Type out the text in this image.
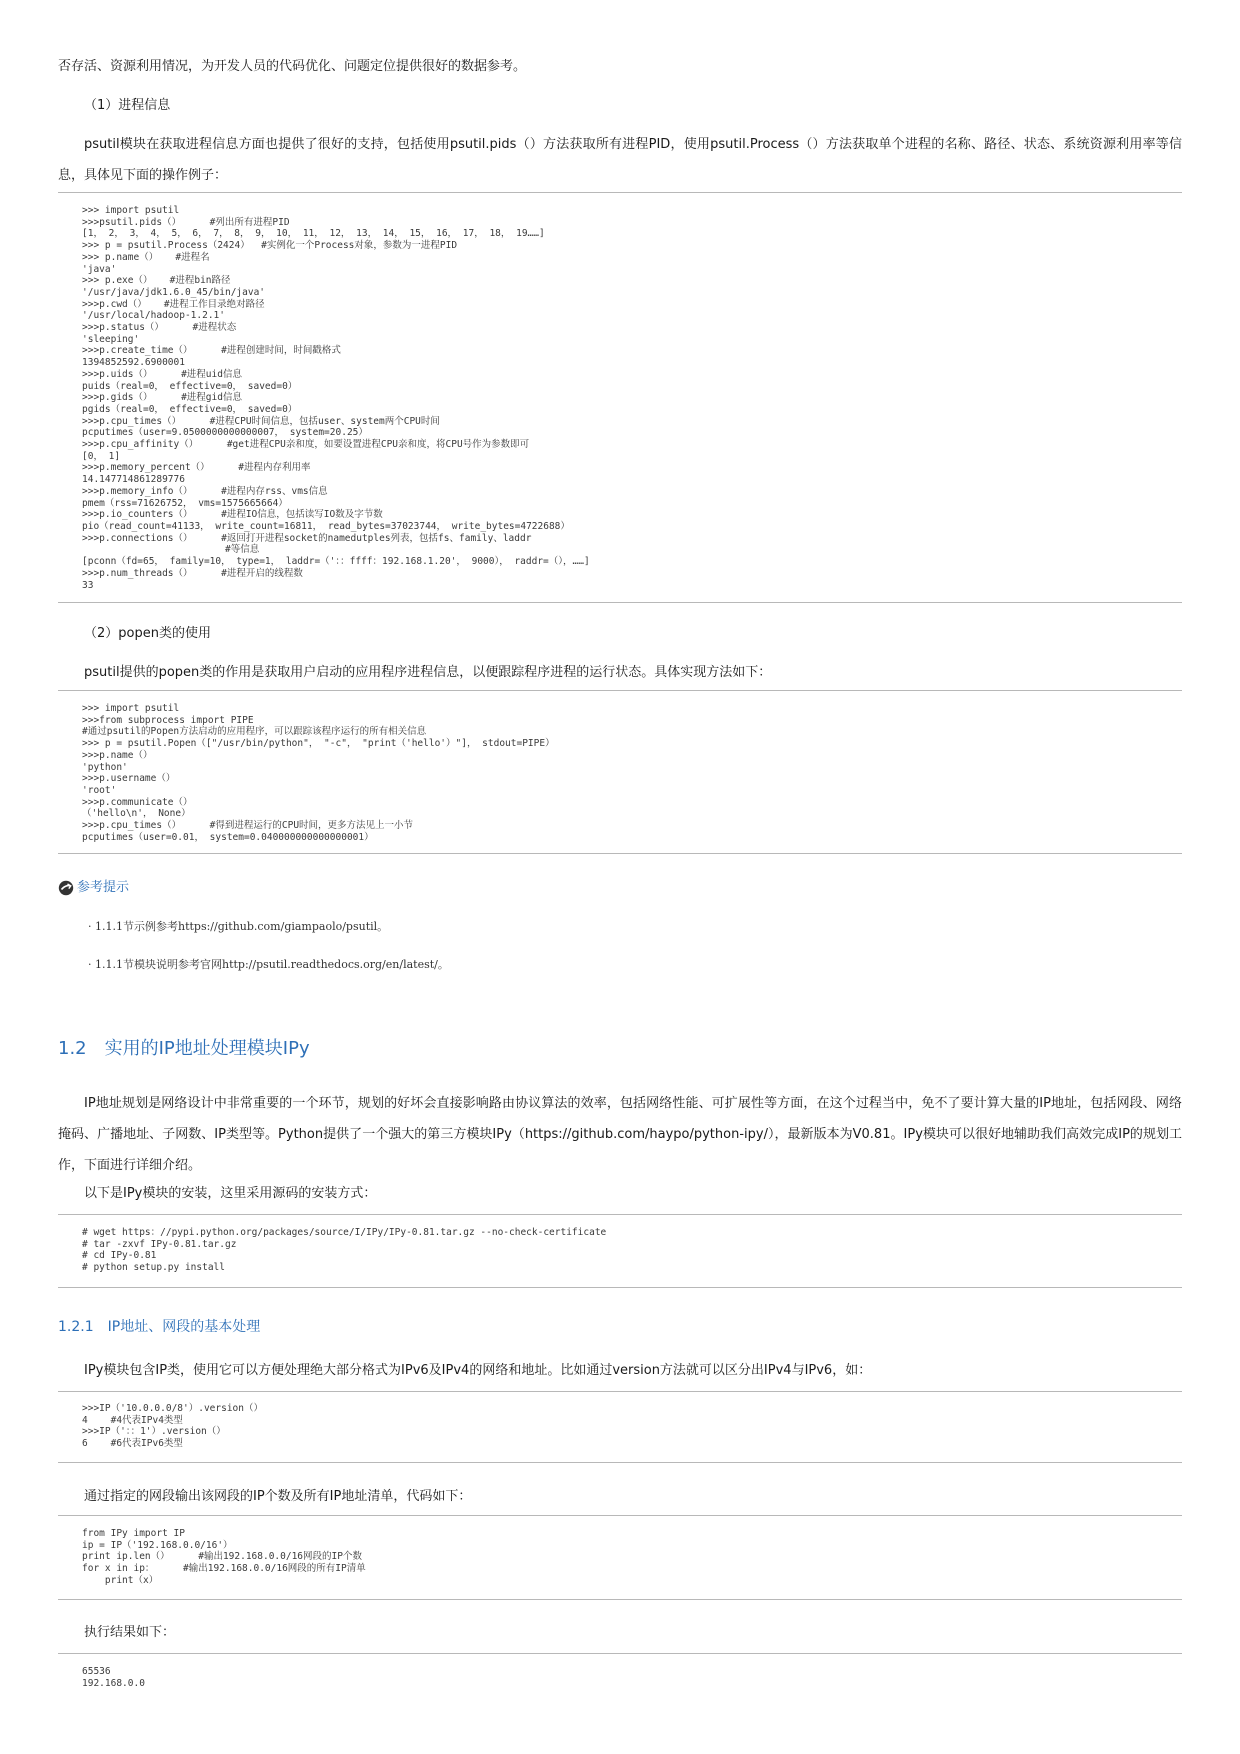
否存活、资源利用情况，为开发人员的代码优化、问题定位提供很好的数据参考。
（1）进程信息
psutil模块在获取进程信息方面也提供了很好的支持，包括使用psutil.pids（）方法获取所有进程PID，使用psutil.Process（）方法获取单个进程的名称、路径、状态、系统资源利用率等信息，具体见下面的操作例子：
>>> import psutil
>>>psutil.pids（）     #列出所有进程PID
[1， 2， 3， 4， 5， 6， 7， 8， 9， 10， 11， 12， 13， 14， 15， 16， 17， 18， 19……]
>>> p = psutil.Process（2424）  #实例化一个Process对象，参数为一进程PID
>>> p.name（）   #进程名
'java'
>>> p.exe（）   #进程bin路径
'/usr/java/jdk1.6.0_45/bin/java'
>>>p.cwd（）   #进程工作目录绝对路径
'/usr/local/hadoop-1.2.1'
>>>p.status（）     #进程状态
'sleeping'
>>>p.create_time（）     #进程创建时间，时间戳格式
1394852592.6900001
>>>p.uids（）     #进程uid信息
puids（real=0， effective=0， saved=0）
>>>p.gids（）     #进程gid信息
pgids（real=0， effective=0， saved=0）
>>>p.cpu_times（）     #进程CPU时间信息，包括user、system两个CPU时间
pcputimes（user=9.0500000000000007， system=20.25）
>>>p.cpu_affinity（）     #get进程CPU亲和度，如要设置进程CPU亲和度，将CPU号作为参数即可
[0， 1]
>>>p.memory_percent（）     #进程内存利用率
14.147714861289776
>>>p.memory_info（）     #进程内存rss、vms信息
pmem（rss=71626752， vms=1575665664）
>>>p.io_counters（）     #进程IO信息，包括读写IO数及字节数
pio（read_count=41133， write_count=16811， read_bytes=37023744， write_bytes=4722688）
>>>p.connections（）     #返回打开进程socket的namedutples列表，包括fs、family、laddr
#等信息
[pconn（fd=65， family=10， type=1， laddr=（'：：ffff：192.168.1.20'， 9000）， raddr=（），……]
>>>p.num_threads（）     #进程开启的线程数
33
（2）popen类的使用
psutil提供的popen类的作用是获取用户启动的应用程序进程信息，以便跟踪程序进程的运行状态。具体实现方法如下：
>>> import psutil
>>>from subprocess import PIPE
#通过psutil的Popen方法启动的应用程序，可以跟踪该程序运行的所有相关信息
>>> p = psutil.Popen（["/usr/bin/python"， "-c"， "print（'hello'）"]， stdout=PIPE）
>>>p.name（）
'python'
>>>p.username（）
'root'
>>>p.communicate（）
（'hello\n'， None）
>>>p.cpu_times（）     #得到进程运行的CPU时间，更多方法见上一小节
pcputimes（user=0.01， system=0.040000000000000001）
参考提示
· 1.1.1节示例参考https://github.com/giampaolo/psutil。
· 1.1.1节模块说明参考官网http://psutil.readthedocs.org/en/latest/。
1.2　实用的IP地址处理模块IPy
IP地址规划是网络设计中非常重要的一个环节，规划的好坏会直接影响路由协议算法的效率，包括网络性能、可扩展性等方面，在这个过程当中，免不了要计算大量的IP地址，包括网段、网络掩码、广播地址、子网数、IP类型等。Python提供了一个强大的第三方模块IPy（https://github.com/haypo/python-ipy/），最新版本为V0.81。IPy模块可以很好地辅助我们高效完成IP的规划工作，下面进行详细介绍。
以下是IPy模块的安装，这里采用源码的安装方式：
# wget https：//pypi.python.org/packages/source/I/IPy/IPy-0.81.tar.gz --no-check-certificate
# tar -zxvf IPy-0.81.tar.gz
# cd IPy-0.81
# python setup.py install
1.2.1　IP地址、网段的基本处理
IPy模块包含IP类，使用它可以方便处理绝大部分格式为IPv6及IPv4的网络和地址。比如通过version方法就可以区分出IPv4与IPv6，如：
>>>IP（'10.0.0.0/8'）.version（）
4    #4代表IPv4类型
>>>IP（'：：1'）.version（）
6    #6代表IPv6类型
通过指定的网段输出该网段的IP个数及所有IP地址清单，代码如下：
from IPy import IP
ip = IP（'192.168.0.0/16'）
print ip.len（）     #输出192.168.0.0/16网段的IP个数
for x in ip：     #输出192.168.0.0/16网段的所有IP清单
print（x）
执行结果如下：
65536
192.168.0.0
